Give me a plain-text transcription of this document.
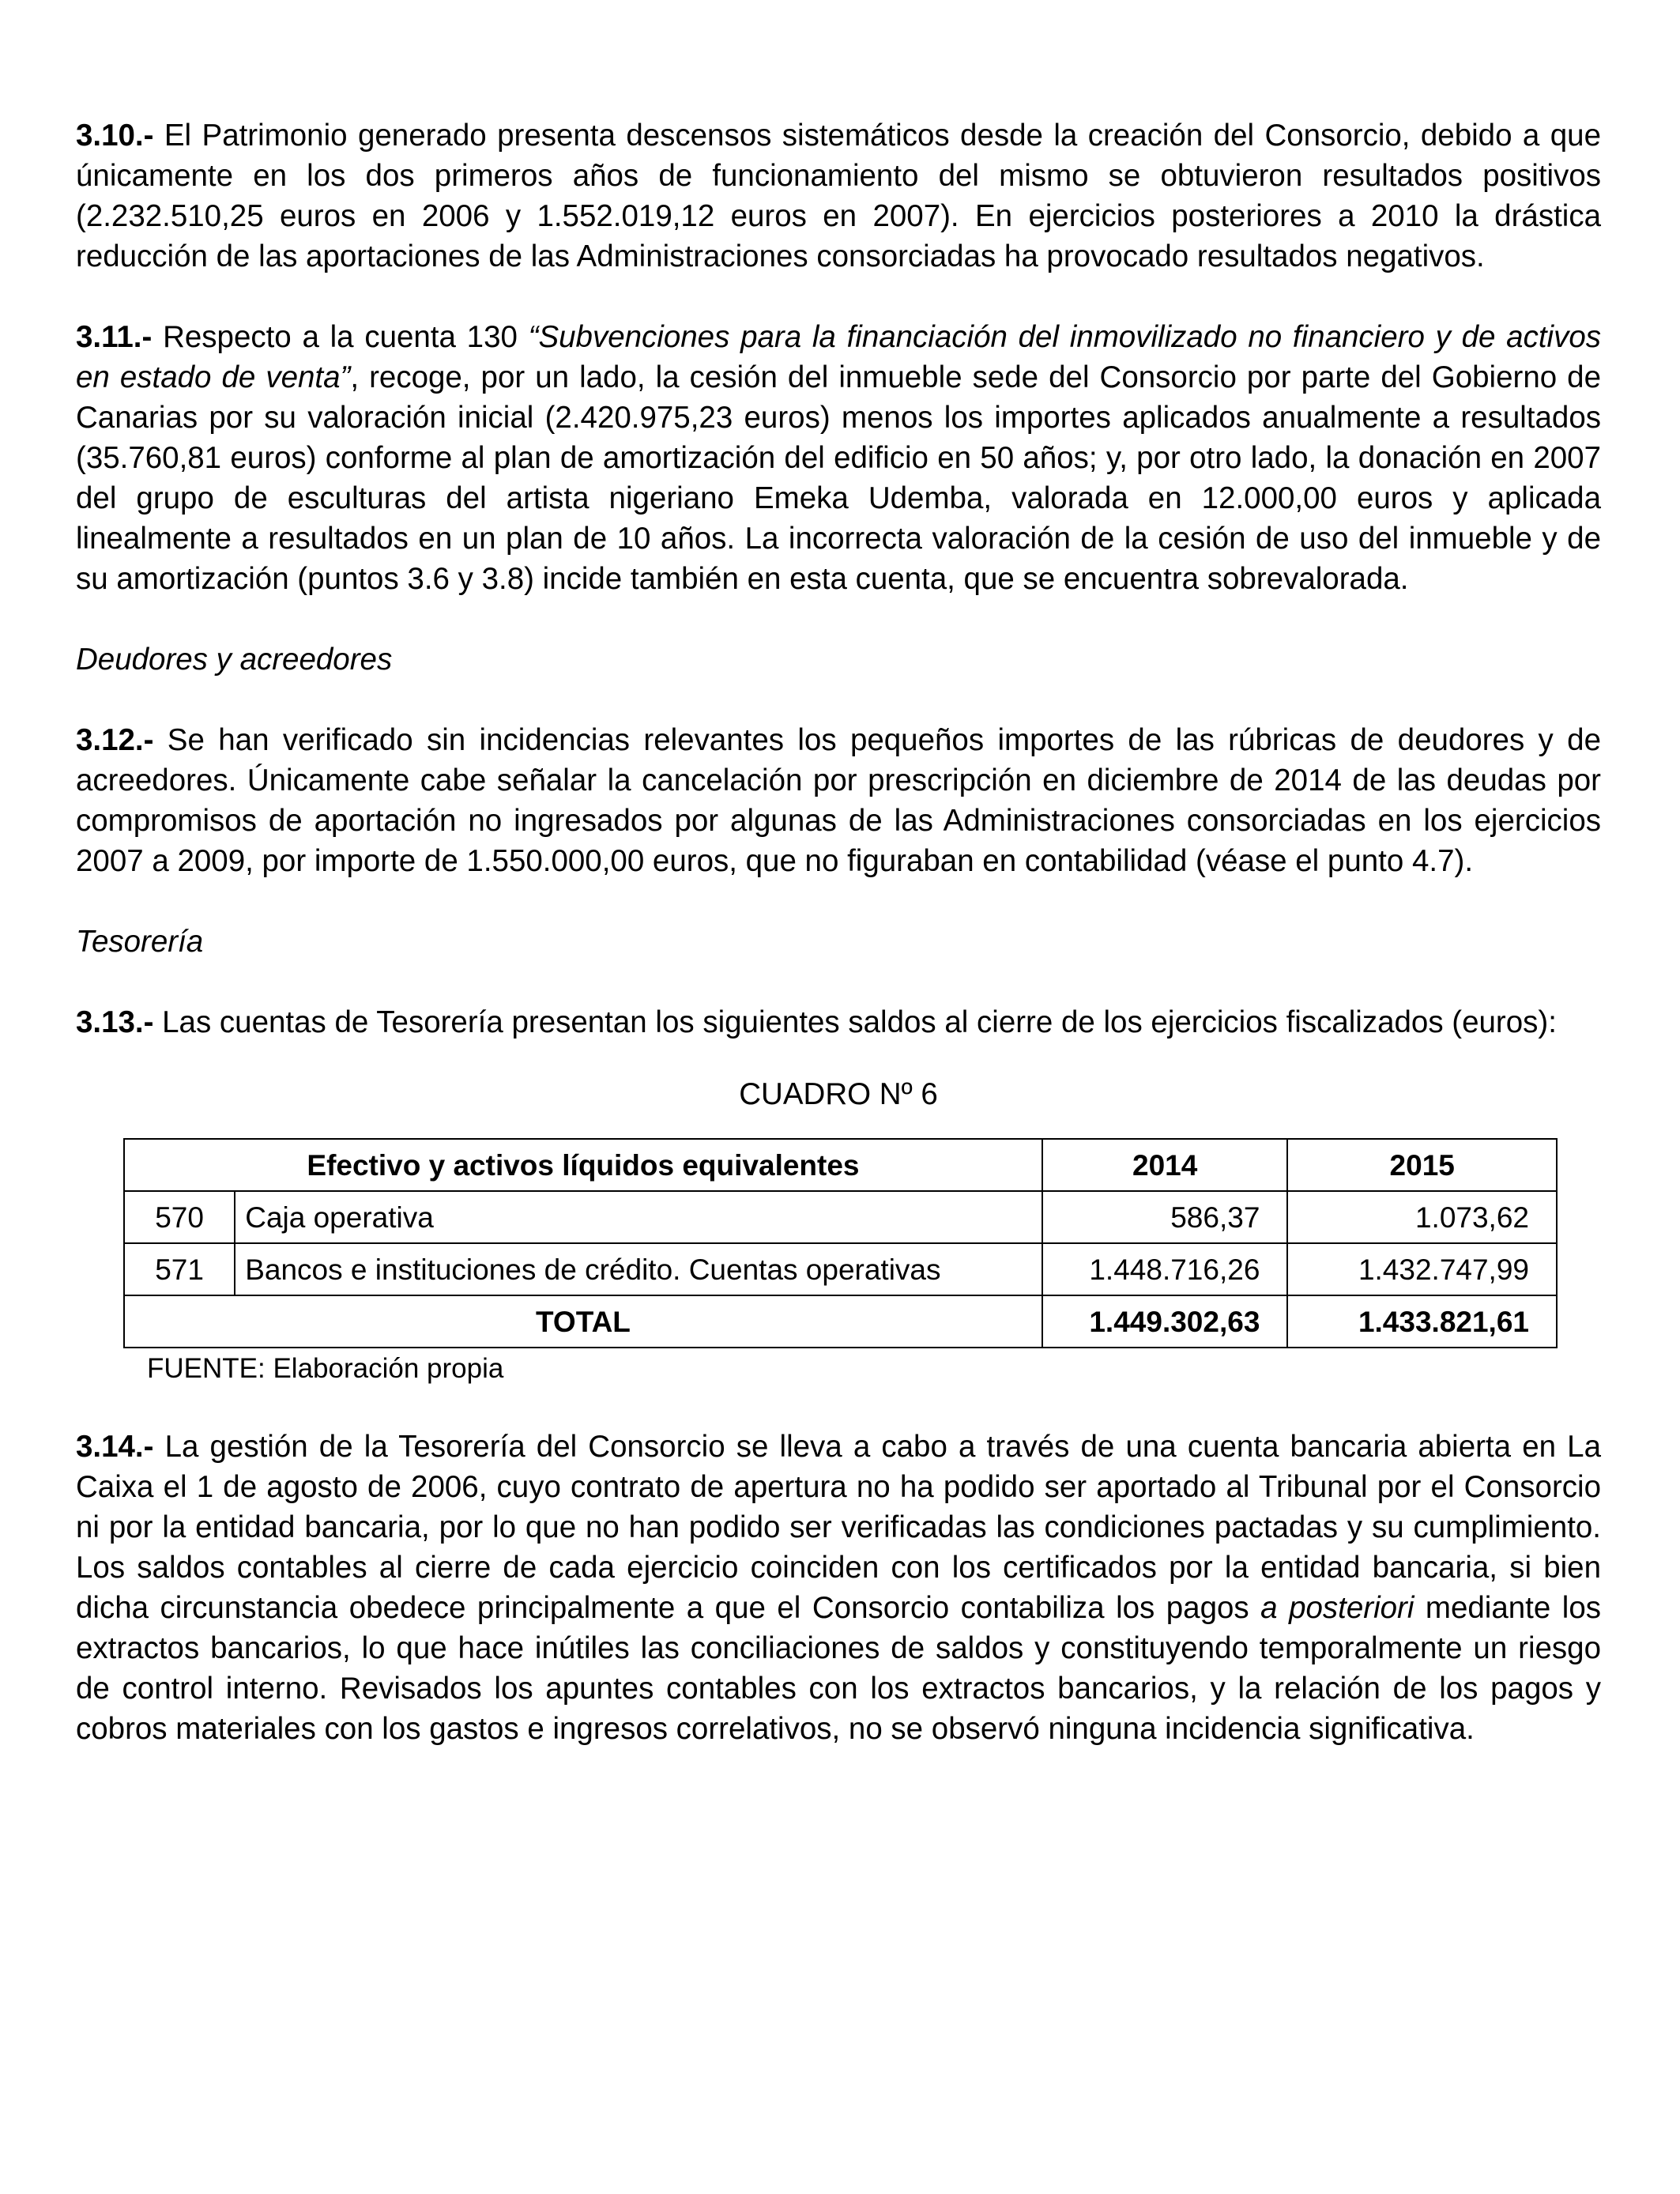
3.10.- El Patrimonio generado presenta descensos sistemáticos desde la creación del Consorcio, debido a que únicamente en los dos primeros años de funcionamiento del mismo se obtuvieron resultados positivos (2.232.510,25 euros en 2006 y 1.552.019,12 euros en 2007). En ejercicios posteriores a 2010 la drástica reducción de las aportaciones de las Administraciones consorciadas ha provocado resultados negativos.

3.11.- Respecto a la cuenta 130 “Subvenciones para la financiación del inmovilizado no financiero y de activos en estado de venta”, recoge, por un lado, la cesión del inmueble sede del Consorcio por parte del Gobierno de Canarias por su valoración inicial (2.420.975,23 euros) menos los importes aplicados anualmente a resultados (35.760,81 euros) conforme al plan de amortización del edificio en 50 años; y, por otro lado, la donación en 2007 del grupo de esculturas del artista nigeriano Emeka Udemba, valorada en 12.000,00 euros y aplicada linealmente a resultados en un plan de 10 años. La incorrecta valoración de la cesión de uso del inmueble y de su amortización (puntos 3.6 y 3.8) incide también en esta cuenta, que se encuentra sobrevalorada.

Deudores y acreedores

3.12.- Se han verificado sin incidencias relevantes los pequeños importes de las rúbricas de deudores y de acreedores. Únicamente cabe señalar la cancelación por prescripción en diciembre de 2014 de las deudas por compromisos de aportación no ingresados por algunas de las Administraciones consorciadas en los ejercicios 2007 a 2009, por importe de 1.550.000,00 euros, que no figuraban en contabilidad (véase el punto 4.7).

Tesorería

3.13.- Las cuentas de Tesorería presentan los siguientes saldos al cierre de los ejercicios fiscalizados (euros):

CUADRO Nº 6

Efectivo y activos líquidos equivalentes		2014	2015
570	Caja operativa	586,37	1.073,62
571	Bancos e instituciones de crédito. Cuentas operativas	1.448.716,26	1.432.747,99
TOTAL		1.449.302,63	1.433.821,61

FUENTE: Elaboración propia

3.14.- La gestión de la Tesorería del Consorcio se lleva a cabo a través de una cuenta bancaria abierta en La Caixa el 1 de agosto de 2006, cuyo contrato de apertura no ha podido ser aportado al Tribunal por el Consorcio ni por la entidad bancaria, por lo que no han podido ser verificadas las condiciones pactadas y su cumplimiento. Los saldos contables al cierre de cada ejercicio coinciden con los certificados por la entidad bancaria, si bien dicha circunstancia obedece principalmente a que el Consorcio contabiliza los pagos a posteriori mediante los extractos bancarios, lo que hace inútiles las conciliaciones de saldos y constituyendo temporalmente un riesgo de control interno. Revisados los apuntes contables con los extractos bancarios, y la relación de los pagos y cobros materiales con los gastos e ingresos correlativos, no se observó ninguna incidencia significativa.
